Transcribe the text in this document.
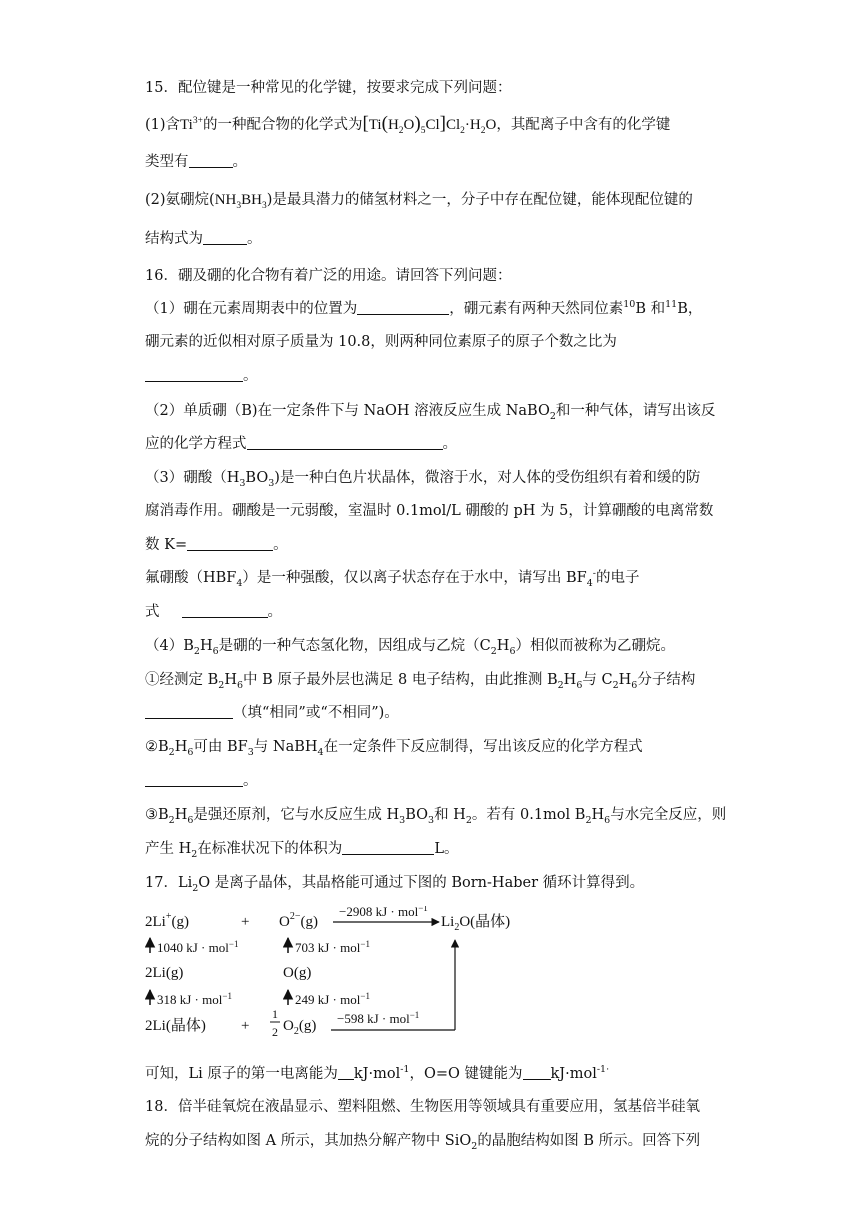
15．配位键是一种常见的化学键，按要求完成下列问题：
(1)含$Ti^{3+}$的一种配合物的化学式为$[Ti(H_2O)_5Cl]Cl_2\cdot H_2O$，其配离子中含有的化学键
类型有	。
(2)氨硼烷$(NH_3BH_3)$是最具潜力的储氢材料之一，分子中存在配位键，能体现配位键的
结构式为	。
16．硼及硼的化合物有着广泛的用途。请回答下列问题：
（1）硼在元素周期表中的位置为	，硼元素有两种天然同位素$^{10}$B 和$^{11}$B，
硼元素的近似相对原子质量为 10.8，则两种同位素原子的原子个数之比为
。
（2）单质硼（B)在一定条件下与 NaOH 溶液反应生成 NaBO$_2$和一种气体，请写出该反
应的化学方程式	。
（3）硼酸$(H_3BO_3)$是一种白色片状晶体，微溶于水，对人体的受伤组织有着和缓的防
腐消毒作用。硼酸是一元弱酸，室温时 0.1mol/L 硼酸的 pH 为 5，计算硼酸的电离常数
数 K=	。
氟硼酸$(HBF_4)$是一种强酸，仅以离子状态存在于水中，请写出 $BF_4^-$的电子
式	。
$(4)B_2H_6$是硼的一种气态氢化物，因组成与乙烷$(C_2H_6)$相似而被称为乙硼烷。
①经测定 $B_2H_6$中 B 原子最外层也满足 8 电子结构，由此推测 $B_2H_6$与 $C_2H_6$分子结构
（填“相同”或“不相同”)。
$②B_2H_6$可由 $BF_3$与 NaBH$_4$在一定条件下反应制得，写出该反应的化学方程式
。
$③B_2H_6$是强还原剂，它与水反应生成 $H_3BO_3$和 $H_2$。若有 0.1mol $B_2H_6$与水完全反应，则
产生 $H_2$在标准状况下的体积为	L。
17．$Li_2O$ 是离子晶体，其晶格能可通过下图的 Born-Haber 循环计算得到。
2Li+(g)	+ $O^{2-}(g)$
−2908 kJ · mol$^{-1}$
$Li_2O$(晶体)
1040 kJ · mol$^{-1}$	703 kJ · mol$^{-1}$
2Li(g)	O(g)
318 kJ · mol$^{-1}$	249 kJ · mol$^{-1}$
2Li(晶体) +
1
2 $O_2(g) -598$ kJ · mol$^{-1}$
可知，Li 原子的第一电离能为 kJ·mol$^{-1}$，O=O 键键能为 kJ·mol$^{-1\cdot}$
18．倍半硅氧烷在液晶显示、塑料阻燃、生物医用等领域具有重要应用，氢基倍半硅氧
烷的分子结构如图 A 所示，其加热分解产物中 SiO$_2$的晶胞结构如图 B 所示。回答下列
